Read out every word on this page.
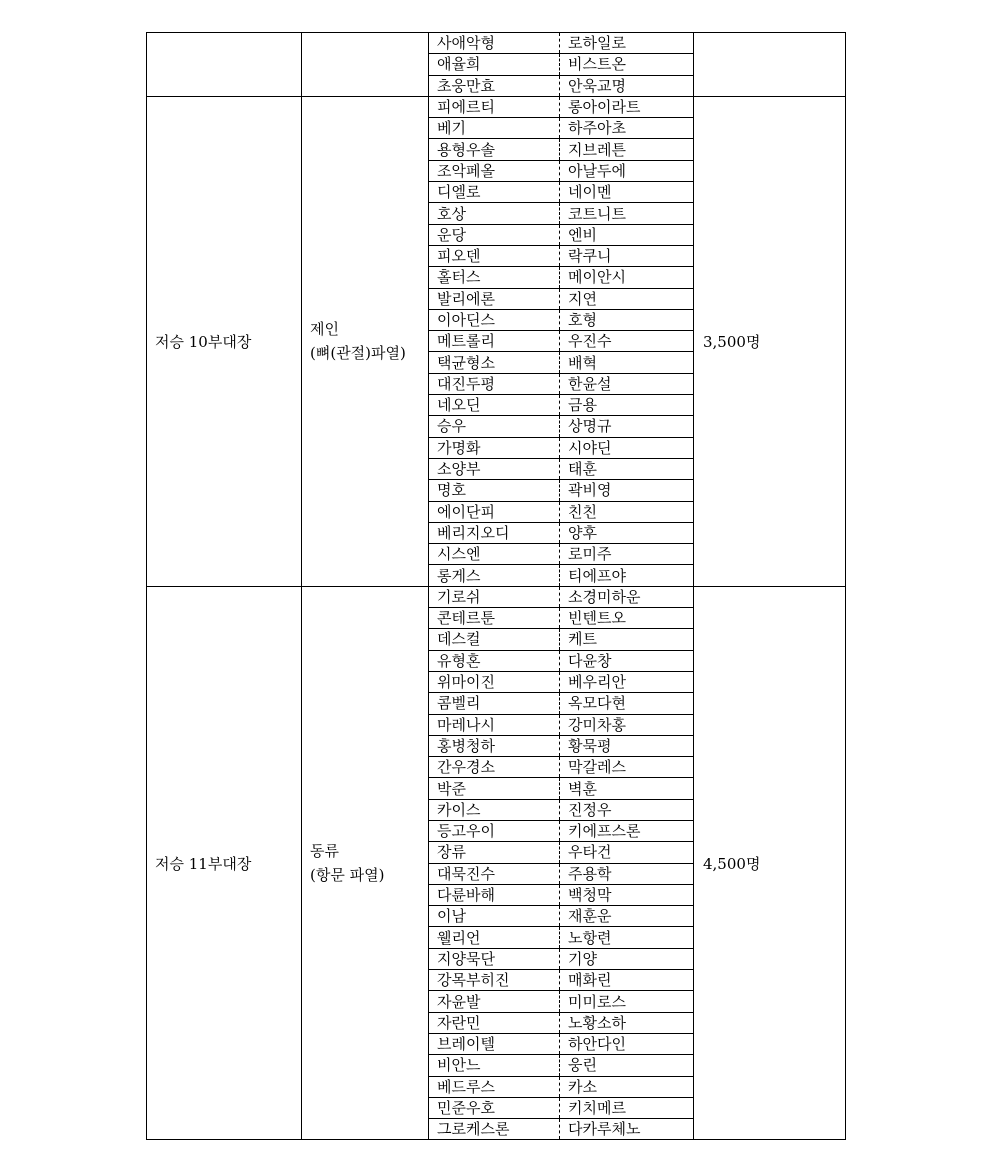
사애악형	로하일로
애율희	비스트온
초웅만효	안욱교명

저승 10부대장	
제인
(뼈(관절)파열)

피에르티	롱아이라트
베기	하주아초
용형우솔	지브레튼
조악페올	아날두에
디엘로	네이멘
호상	코트니트
운당	엔비
피오덴	락쿠니
홀터스	메이안시
발리에론	지연
이아딘스	호형
메트롤리	우진수
택균형소	배혁
대진두평	한윤설
네오딘	금용
승우	상명규
가명화	시야딘
소양부	태훈
명호	곽비영
에이단피	친친
베리지오디	양후
시스엔	로미주
롱게스	티에프야
	3,500명
저승 11부대장	
동류
(항문 파열)

기로쉬	소경미하운
콘테르툰	빈텐트오
데스컬	케트
유형혼	다윤창
위마이진	베우리안
콤벨리	옥모다현
마레나시	강미차홍
홍병청하	황묵평
간우경소	막갈레스
박준	벽훈
카이스	진정우
등고우이	키에프스론
장류	우타건
대묵진수	주용학
다륜바해	백청막
이남	재훈운
웰리언	노항련
지양묵단	기양
강목부히진	매화린
자윤발	미미로스
자란민	노황소하
브레이텔	하안다인
비안느	웅린
베드루스	카소
민준우호	키치메르
그로케스론	다카루체노
	4,500명
